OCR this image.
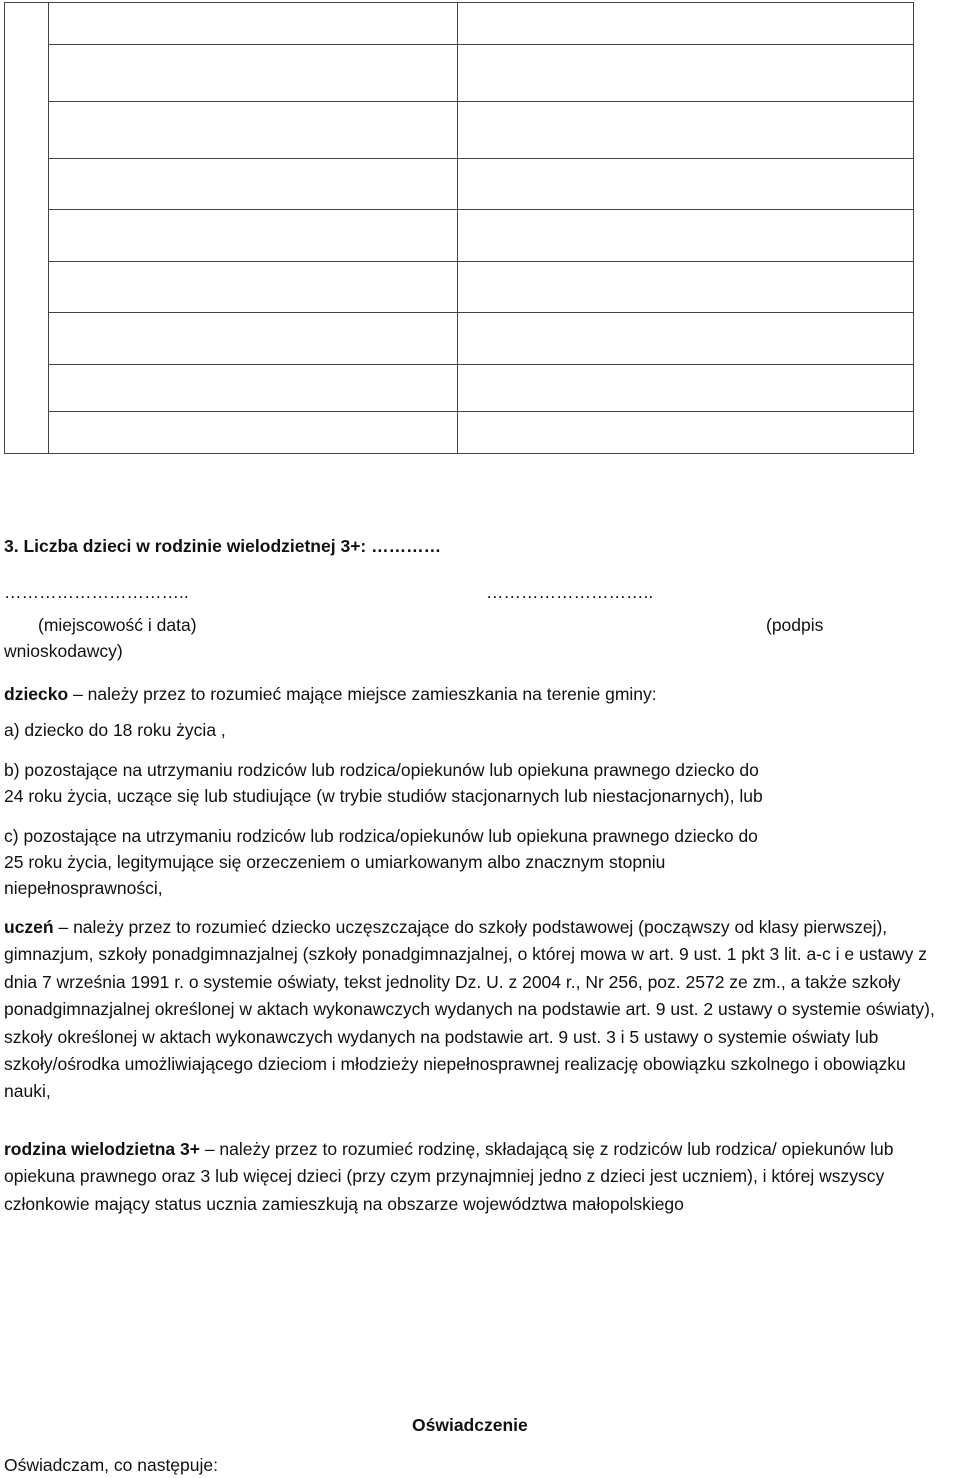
3. Liczba dzieci w rodzinie wielodzietnej 3+: …………
…………………………..	………………………..
(miejscowość i data)	(podpis
wnioskodawcy)
dziecko – należy przez to rozumieć mające miejsce zamieszkania na terenie gminy:
a) dziecko do 18 roku życia ,
b) pozostające na utrzymaniu rodziców lub rodzica/opiekunów lub opiekuna prawnego dziecko do
24 roku życia, uczące się lub studiujące (w trybie studiów stacjonarnych lub niestacjonarnych), lub
c) pozostające na utrzymaniu rodziców lub rodzica/opiekunów lub opiekuna prawnego dziecko do
25 roku życia, legitymujące się orzeczeniem o umiarkowanym albo znacznym stopniu
niepełnosprawności,
uczeń – należy przez to rozumieć dziecko uczęszczające do szkoły podstawowej (począwszy od klasy pierwszej), gimnazjum, szkoły ponadgimnazjalnej (szkoły ponadgimnazjalnej, o której mowa w art. 9 ust. 1 pkt 3 lit. a-c i e ustawy z dnia 7 września 1991 r. o systemie oświaty, tekst jednolity Dz. U. z 2004 r., Nr 256, poz. 2572 ze zm., a także szkoły ponadgimnazjalnej określonej w aktach wykonawczych wydanych na podstawie art. 9 ust. 2 ustawy o systemie oświaty), szkoły określonej w aktach wykonawczych wydanych na podstawie art. 9 ust. 3 i 5 ustawy o systemie oświaty lub szkoły/ośrodka umożliwiającego dzieciom i młodzieży niepełnosprawnej realizację obowiązku szkolnego i obowiązku nauki,
rodzina wielodzietna 3+ – należy przez to rozumieć rodzinę, składającą się z rodziców lub rodzica/ opiekunów lub opiekuna prawnego oraz 3 lub więcej dzieci (przy czym przynajmniej jedno z dzieci jest uczniem), i której wszyscy członkowie mający status ucznia zamieszkują na obszarze województwa małopolskiego
Oświadczenie
Oświadczam, co następuje:
